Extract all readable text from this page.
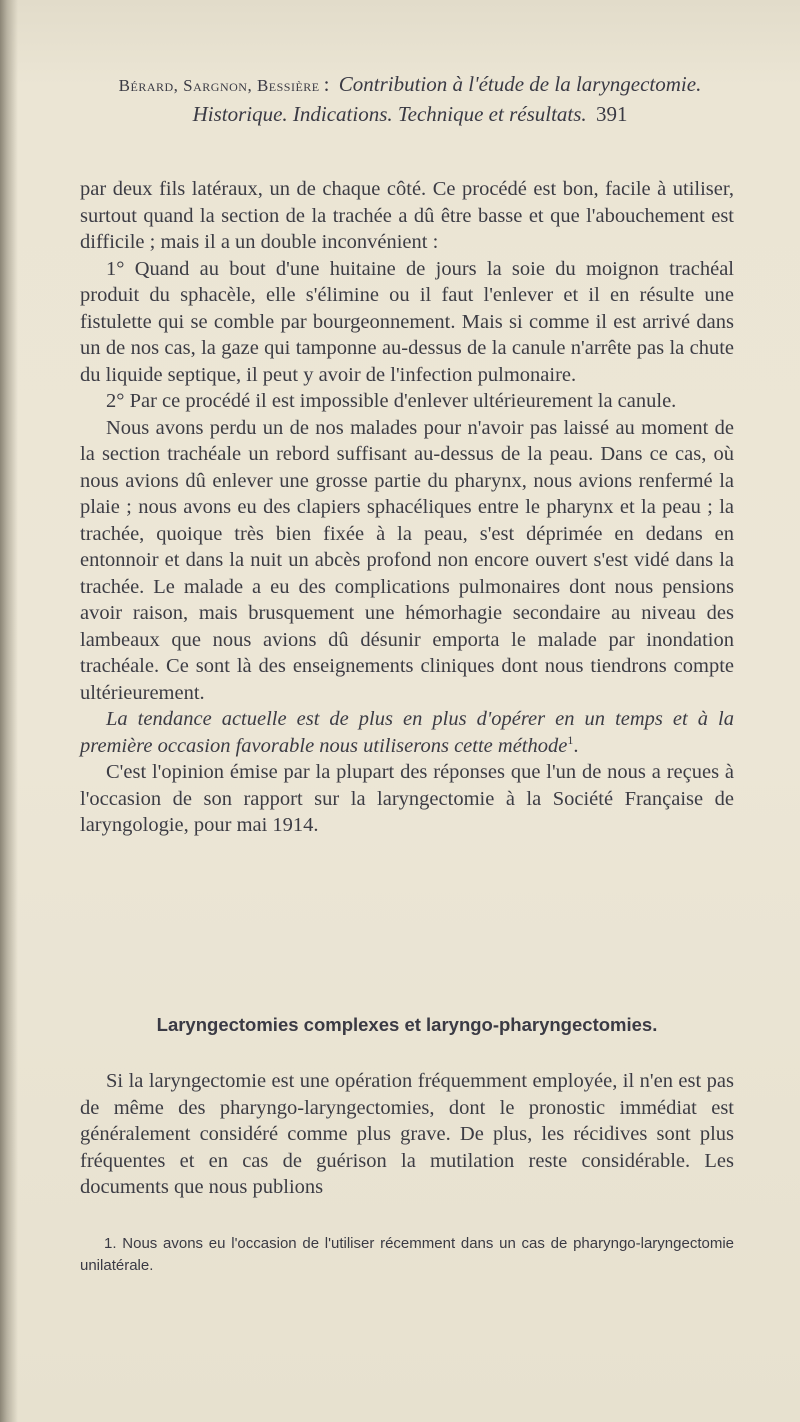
Bérard, Sargnon, Bessière : Contribution à l'étude de la laryngectomie. Historique. Indications. Technique et résultats. 391

par deux fils latéraux, un de chaque côté. Ce procédé est bon, facile à utiliser, surtout quand la section de la trachée a dû être basse et que l'abouchement est difficile ; mais il a un double inconvénient :

1° Quand au bout d'une huitaine de jours la soie du moignon trachéal produit du sphacèle, elle s'élimine ou il faut l'enlever et il en résulte une fistulette qui se comble par bourgeonnement. Mais si comme il est arrivé dans un de nos cas, la gaze qui tamponne au-dessus de la canule n'arrête pas la chute du liquide septique, il peut y avoir de l'infection pulmonaire.

2° Par ce procédé il est impossible d'enlever ultérieurement la canule.

Nous avons perdu un de nos malades pour n'avoir pas laissé au moment de la section trachéale un rebord suffisant au-dessus de la peau. Dans ce cas, où nous avions dû enlever une grosse partie du pharynx, nous avions renfermé la plaie ; nous avons eu des clapiers sphacéliques entre le pharynx et la peau ; la trachée, quoique très bien fixée à la peau, s'est déprimée en dedans en entonnoir et dans la nuit un abcès profond non encore ouvert s'est vidé dans la trachée. Le malade a eu des complications pulmonaires dont nous pensions avoir raison, mais brusquement une hémorhagie secondaire au niveau des lambeaux que nous avions dû désunir emporta le malade par inondation trachéale. Ce sont là des enseignements cliniques dont nous tiendrons compte ultérieurement.

La tendance actuelle est de plus en plus d'opérer en un temps et à la première occasion favorable nous utiliserons cette méthode$^1$.

C'est l'opinion émise par la plupart des réponses que l'un de nous a reçues à l'occasion de son rapport sur la laryngectomie à la Société Française de laryngologie, pour mai 1914.

Laryngectomies complexes et laryngo-pharyngectomies.

Si la laryngectomie est une opération fréquemment employée, il n'en est pas de même des pharyngo-laryngectomies, dont le pronostic immédiat est généralement considéré comme plus grave. De plus, les récidives sont plus fréquentes et en cas de guérison la mutilation reste considérable. Les documents que nous publions

1. Nous avons eu l'occasion de l'utiliser récemment dans un cas de pharyngo-laryngectomie unilatérale.
